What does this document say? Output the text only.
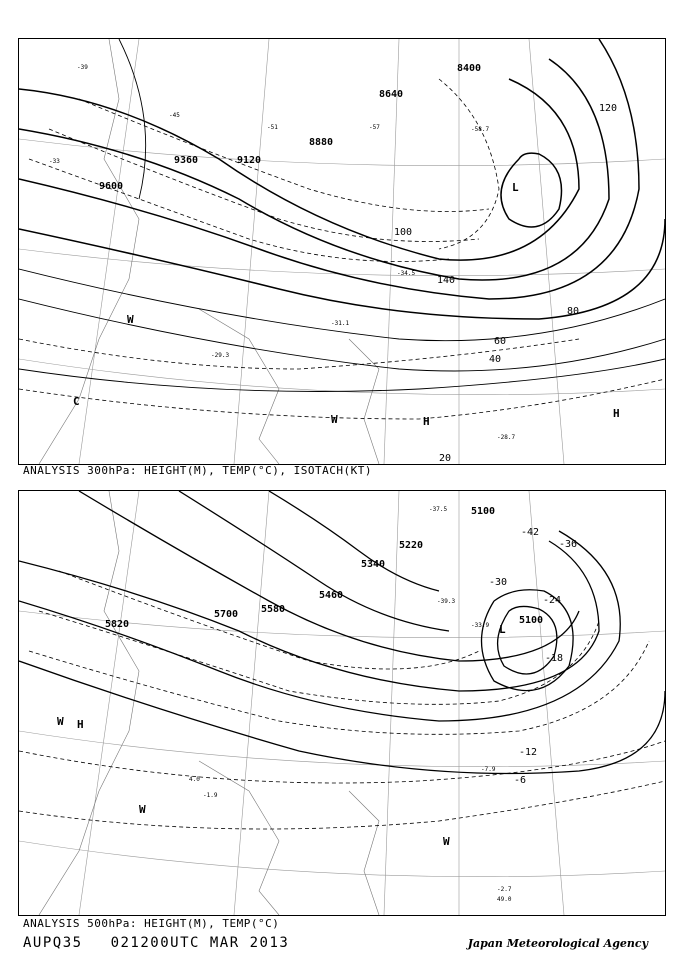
8400
8640
8880
9120
9360
9600
20
40
60
80
100
120
140
-33
-39
-45
-51	-57
-34.5
-31.1
-29.3
-28.7
-58.7
L
H
H
W
W
C
ANALYSIS 300hPa: HEIGHT(M), TEMP(°C), ISOTACH(KT)
5100
5100
5220
5340
5460
5580
5700
5820
-42
-36
-30
-24
-18
-12
-6
-37.5
-39.3
-33.9
-7.9
-2.7
49.0
-1.9
4.0
L
H
W
W
W
ANALYSIS 500hPa: HEIGHT(M), TEMP(°C)
AUPQ35 021200UTC MAR 2013	Japan Meteorological Agency
